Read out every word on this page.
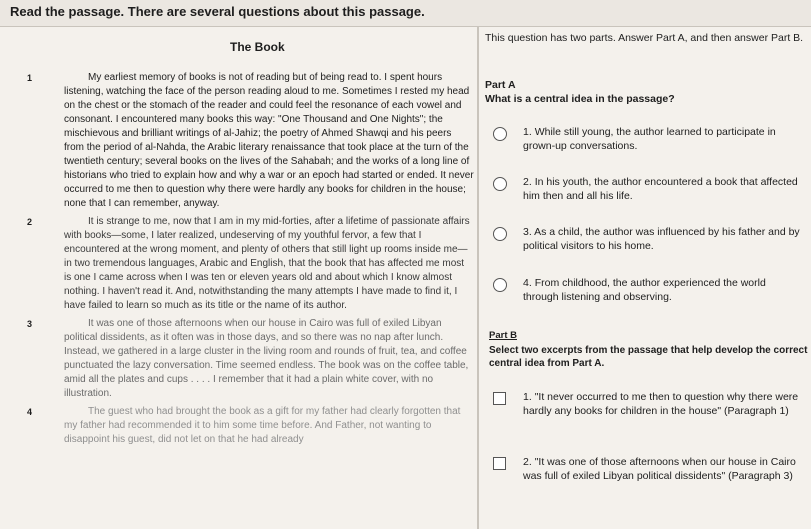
Read the passage. There are several questions about this passage.
The Book

1	My earliest memory of books is not of reading but of being read to. I spent hours listening, watching the face of the person reading aloud to me. Sometimes I rested my head on the chest or the stomach of the reader and could feel the resonance of each vowel and consonant. I encountered many books this way: "One Thousand and One Nights"; the mischievous and brilliant writings of al-Jahiz; the poetry of Ahmed Shawqi and his peers from the period of al-Nahda, the Arabic literary renaissance that took place at the turn of the twentieth century; several books on the lives of the Sahabah; and the works of a long line of historians who tried to explain how and why a war or an epoch had started or ended. It never occurred to me then to question why there were hardly any books for children in the house; none that I can remember, anyway.

2	It is strange to me, now that I am in my mid-forties, after a lifetime of passionate affairs with books—some, I later realized, undeserving of my youthful fervor, a few that I encountered at the wrong moment, and plenty of others that still light up rooms inside me—in two tremendous languages, Arabic and English, that the book that has affected me most is one I came across when I was ten or eleven years old and about which I know almost nothing. I haven't read it. And, notwithstanding the many attempts I have made to find it, I have failed to learn so much as its title or the name of its author.

3	It was one of those afternoons when our house in Cairo was full of exiled Libyan political dissidents, as it often was in those days, and so there was no nap after lunch. Instead, we gathered in a large cluster in the living room and rounds of fruit, tea, and coffee punctuated the lazy conversation. Time seemed endless. The book was on the coffee table, amid all the plates and cups . . . . I remember that it had a plain white cover, with no illustration.

4	The guest who had brought the book as a gift for my father had clearly forgotten that my father had recommended it to him some time before. And Father, not wanting to disappoint his guest, did not let on that he had already

This question has two parts. Answer Part A, and then answer Part B.
Part A
What is a central idea in the passage?
1. While still young, the author learned to participate in grown-up conversations.
2. In his youth, the author encountered a book that affected him then and all his life.
3. As a child, the author was influenced by his father and by political visitors to his home.
4. From childhood, the author experienced the world through listening and observing.
Part B
Select two excerpts from the passage that help develop the correct central idea from Part A.
1. "It never occurred to me then to question why there were hardly any books for children in the house" (Paragraph 1)
2. "It was one of those afternoons when our house in Cairo was full of exiled Libyan political dissidents" (Paragraph 3)
